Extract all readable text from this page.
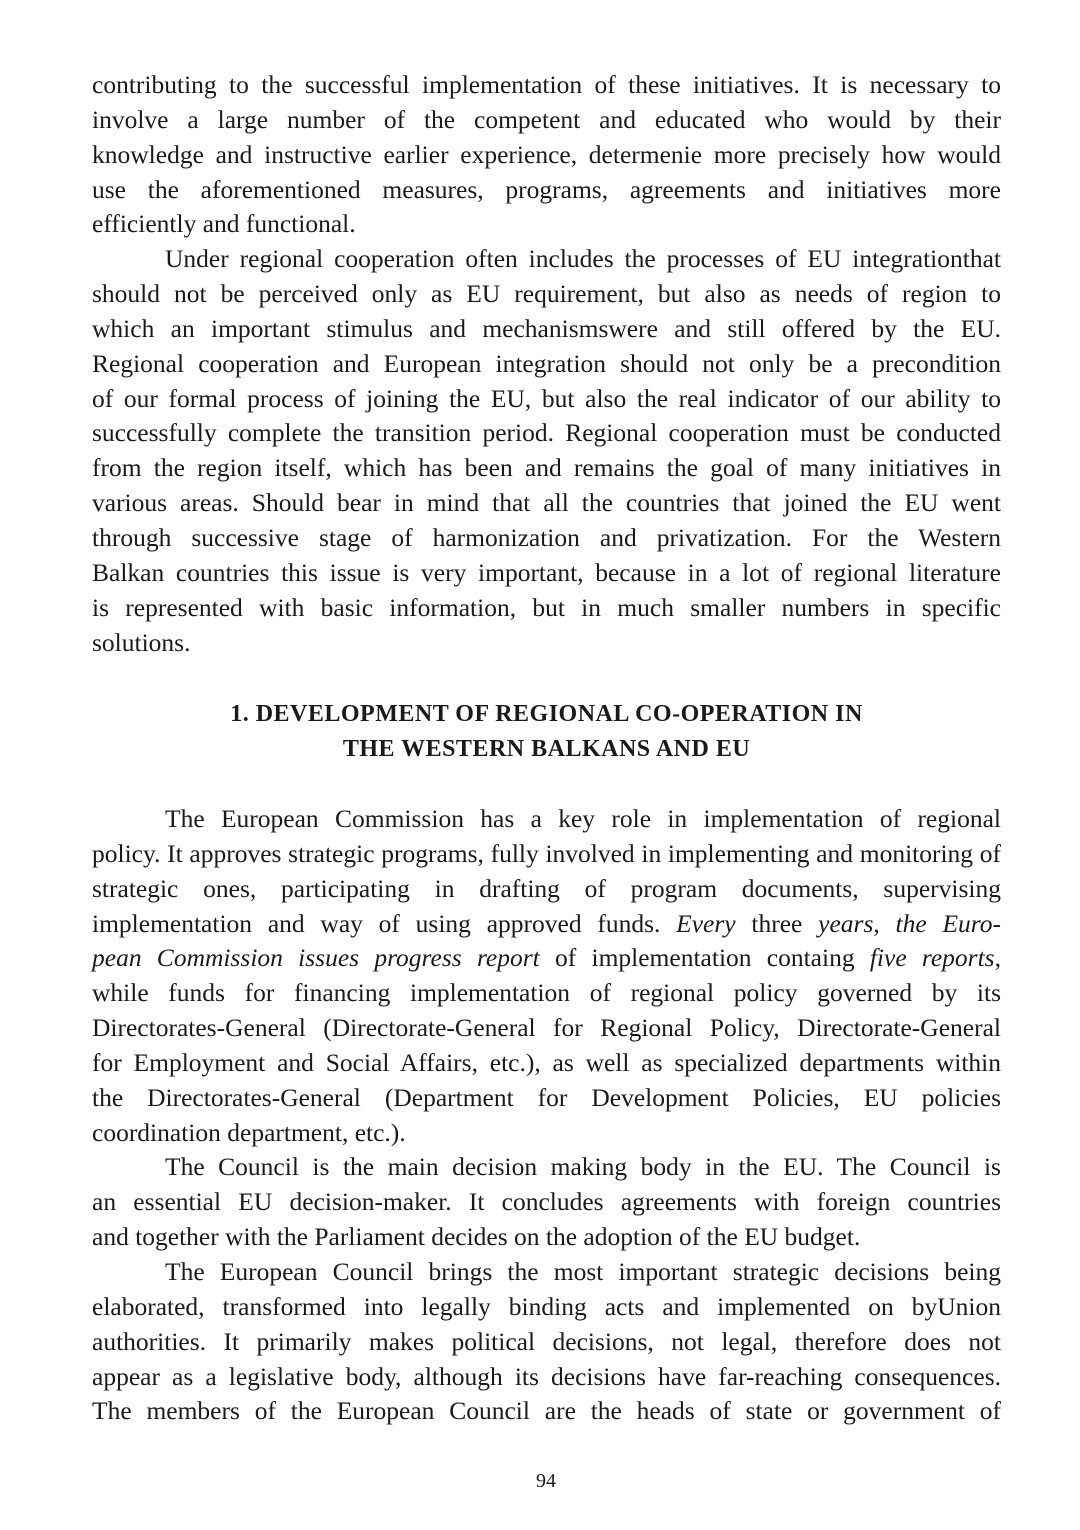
contributing to the successful implementation of these initiatives. It is necessary to
involve a large number of the competent and educated who would by their
knowledge and instructive earlier experience, determenie more precisely how would
use the aforementioned measures, programs, agreements and initiatives more
efficiently and functional.
Under regional cooperation often includes the processes of EU integrationthat
should not be perceived only as EU requirement, but also as needs of region to
which an important stimulus and mechanismswere and still offered by the EU.
Regional cooperation and European integration should not only be a precondition
of our formal process of joining the EU, but also the real indicator of our ability to
successfully complete the transition period. Regional cooperation must be conducted
from the region itself, which has been and remains the goal of many initiatives in
various areas. Should bear in mind that all the countries that joined the EU went
through successive stage of harmonization and privatization. For the Western
Balkan countries this issue is very important, because in a lot of regional literature
is represented with basic information, but in much smaller numbers in specific
solutions.
1. DEVELOPMENT OF REGIONAL CO-OPERATION IN
THE WESTERN BALKANS AND EU
The European Commission has a key role in implementation of regional
policy. It approves strategic programs, fully involved in implementing and monitoring of
strategic ones, participating in drafting of program documents, supervising
implementation and way of using approved funds. Every three years, the Euro-
pean Commission issues progress report of implementation containg five reports,
while funds for financing implementation of regional policy governed by its
Directorates-General (Directorate-General for Regional Policy, Directorate-General
for Employment and Social Affairs, etc.), as well as specialized departments within
the Directorates-General (Department for Development Policies, EU policies
coordination department, etc.).
The Council is the main decision making body in the EU. The Council is
an essential EU decision-maker. It concludes agreements with foreign countries
and together with the Parliament decides on the adoption of the EU budget.
The European Council brings the most important strategic decisions being
elaborated, transformed into legally binding acts and implemented on byUnion
authorities. It primarily makes political decisions, not legal, therefore does not
appear as a legislative body, although its decisions have far-reaching consequences.
The members of the European Council are the heads of state or government of
94
